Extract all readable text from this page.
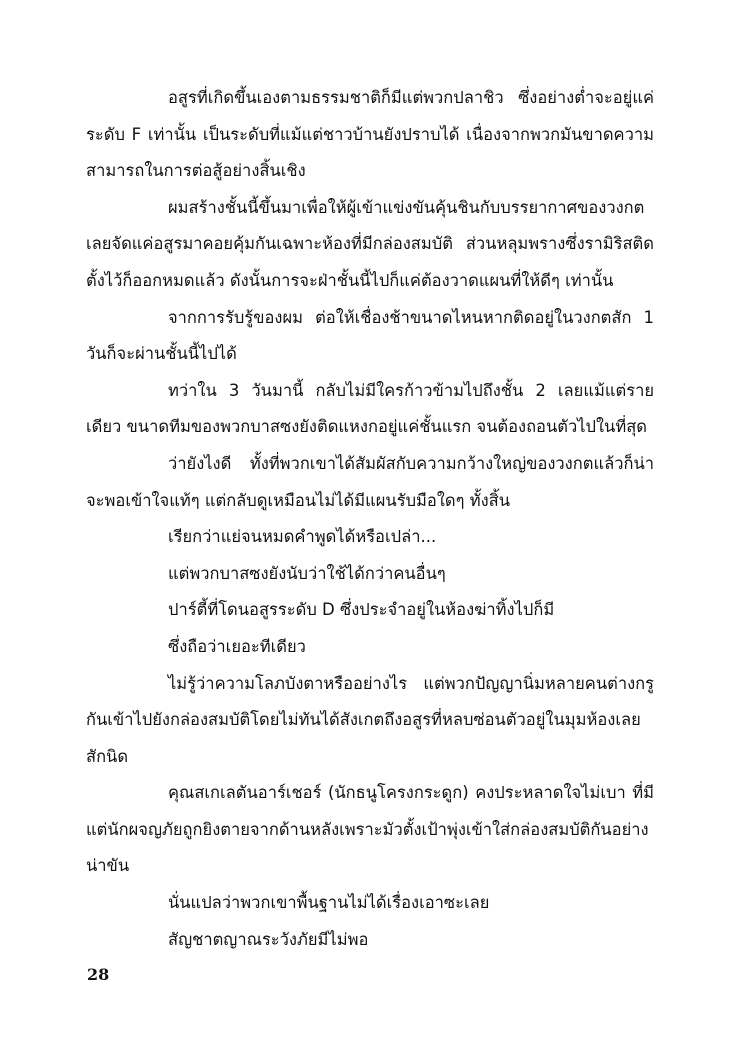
อสูรที่เกิดขึ้นเองตามธรรมชาติก็มีแต่พวกปลาชิว ซึ่งอย่างต่ำจะอยู่แค่ระดับ F เท่านั้น เป็นระดับที่แม้แต่ชาวบ้านยังปราบได้ เนื่องจากพวกมันขาดความสามารถในการต่อสู้อย่างสิ้นเชิง

ผมสร้างชั้นนี้ขึ้นมาเพื่อให้ผู้เข้าแข่งขันคุ้นชินกับบรรยากาศของวงกต เลยจัดแค่อสูรมาคอยคุ้มกันเฉพาะห้องที่มีกล่องสมบัติ ส่วนหลุมพรางซึ่งรามิริสติดตั้งไว้ก็ออกหมดแล้ว ดังนั้นการจะฝ่าชั้นนี้ไปก็แค่ต้องวาดแผนที่ให้ดีๆ เท่านั้น

จากการรับรู้ของผม ต่อให้เชื่องช้าขนาดไหนหากติดอยู่ในวงกตสัก 1 วันก็จะผ่านชั้นนี้ไปได้

ทว่าใน 3 วันมานี้ กลับไม่มีใครก้าวข้ามไปถึงชั้น 2 เลยแม้แต่รายเดียว ขนาดทีมของพวกบาสซงยังติดแหงกอยู่แค่ชั้นแรก จนต้องถอนตัวไปในที่สุด

ว่ายังไงดี ทั้งที่พวกเขาได้สัมผัสกับความกว้างใหญ่ของวงกตแล้วก็น่าจะพอเข้าใจแท้ๆ แต่กลับดูเหมือนไม่ได้มีแผนรับมือใดๆ ทั้งสิ้น

เรียกว่าแย่จนหมดคำพูดได้หรือเปล่า...

แต่พวกบาสซงยังนับว่าใช้ได้กว่าคนอื่นๆ

ปาร์ตี้ที่โดนอสูรระดับ D ซึ่งประจำอยู่ในห้องฆ่าทิ้งไปก็มี

ซึ่งถือว่าเยอะทีเดียว

ไม่รู้ว่าความโลภบังตาหรืออย่างไร แต่พวกปัญญานิ่มหลายคนต่างกรูกันเข้าไปยังกล่องสมบัติโดยไม่ทันได้สังเกตถึงอสูรที่หลบซ่อนตัวอยู่ในมุมห้องเลยสักนิด

คุณสเกเลตันอาร์เชอร์ (นักธนูโครงกระดูก) คงประหลาดใจไม่เบา ที่มีแต่นักผจญภัยถูกยิงตายจากด้านหลังเพราะมัวตั้งเป้าพุ่งเข้าใส่กล่องสมบัติกันอย่างน่าขัน

นั่นแปลว่าพวกเขาพื้นฐานไม่ได้เรื่องเอาซะเลย

สัญชาตญาณระวังภัยมีไม่พอ

28
